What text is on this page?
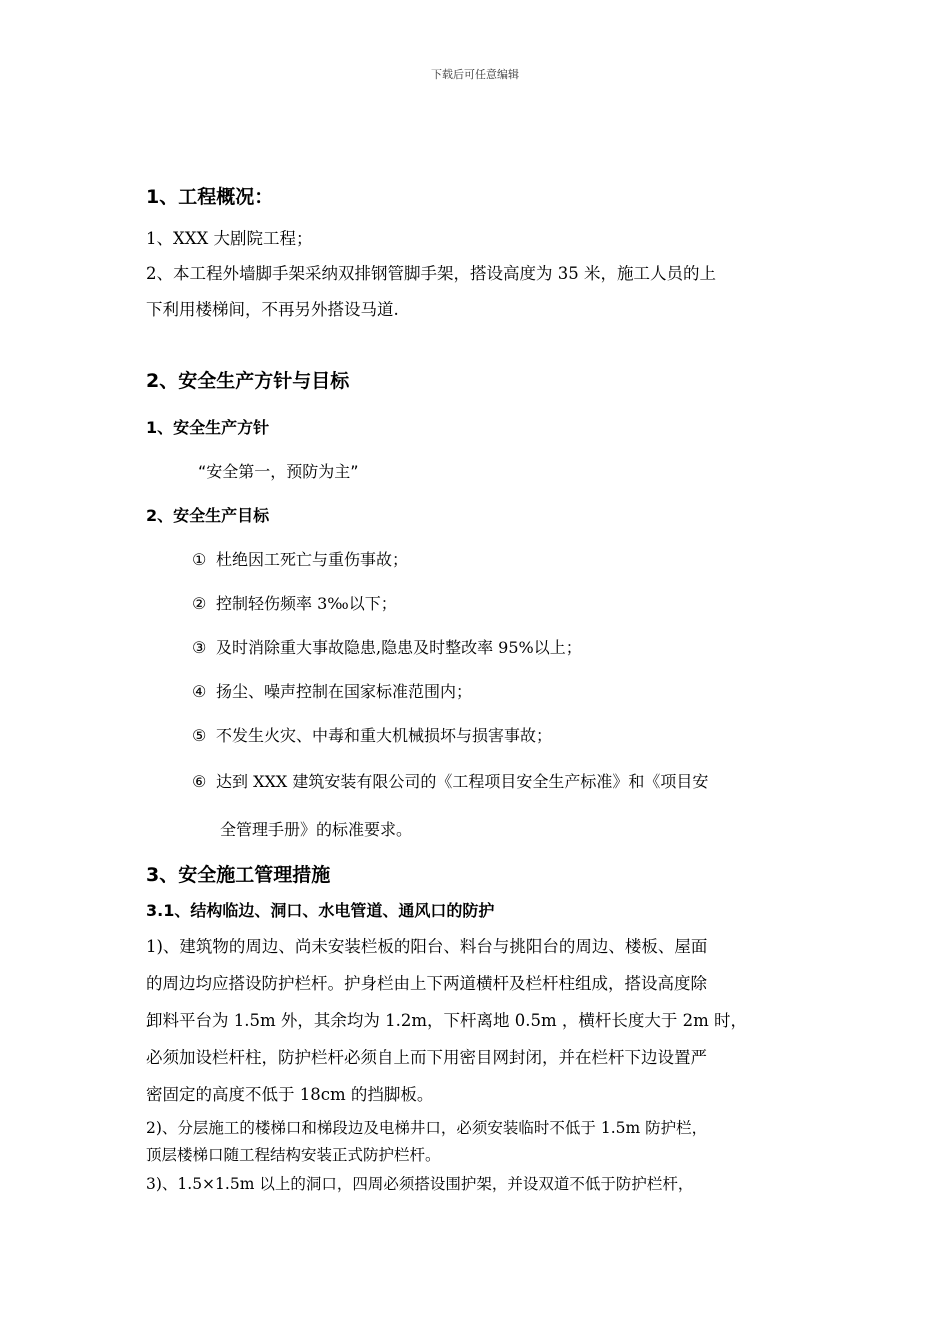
下载后可任意编辑
1、工程概况：
1、XXX 大剧院工程；
2、本工程外墙脚手架采纳双排钢管脚手架，搭设高度为 35 米，施工人员的上
下利用楼梯间，不再另外搭设马道.
2、安全生产方针与目标
1、安全生产方针
“安全第一，预防为主”
2、安全生产目标
① 杜绝因工死亡与重伤事故；
② 控制轻伤频率 3‰以下；
③ 及时消除重大事故隐患,隐患及时整改率 95%以上；
④ 扬尘、噪声控制在国家标准范围内；
⑤ 不发生火灾、中毒和重大机械损坏与损害事故；
⑥ 达到 XXX 建筑安装有限公司的《工程项目安全生产标准》和《项目安
全管理手册》的标准要求。
3、安全施工管理措施
3.1、结构临边、洞口、水电管道、通风口的防护
1)、建筑物的周边、尚未安装栏板的阳台、料台与挑阳台的周边、楼板、屋面
的周边均应搭设防护栏杆。护身栏由上下两道横杆及栏杆柱组成，搭设高度除
卸料平台为 1.5m 外，其余均为 1.2m，下杆离地 0.5m ，横杆长度大于 2m 时，
必须加设栏杆柱，防护栏杆必须自上而下用密目网封闭，并在栏杆下边设置严
密固定的高度不低于 18cm 的挡脚板。
2)、分层施工的楼梯口和梯段边及电梯井口，必须安装临时不低于 1.5m 防护栏，
顶层楼梯口随工程结构安装正式防护栏杆。
3)、1.5×1.5m 以上的洞口，四周必须搭设围护架，并设双道不低于防护栏杆，
